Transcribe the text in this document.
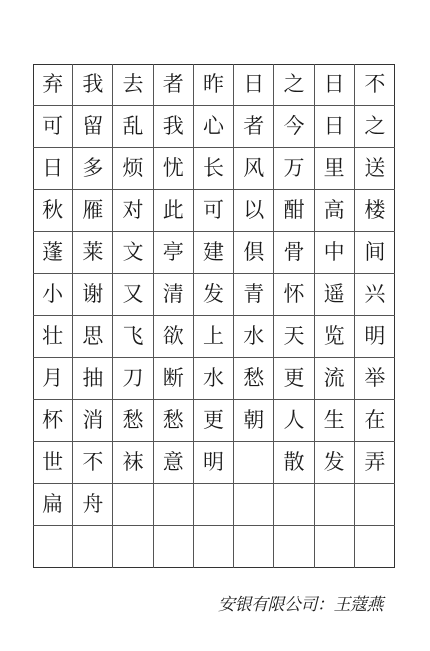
弃 我 去 者 昨 日 之 日 不
可 留 乱 我 心 者 今 日 之
日 多 烦 忧 长 风 万 里 送
秋 雁 对 此 可 以 酣 高 楼
蓬 莱 文 亭 建 倶 骨 中 间
小 谢 又 清 发 青 怀 遥 兴
壮 思 飞 欲 上 水 天 览 明
月 抽 刀 断 水 愁 更 流 举
杯 消 愁 愁 更 朝 人 生 在
世 不 袜 意 明	散 发 弄
扁 舟
安银有限公司：王蔻燕
